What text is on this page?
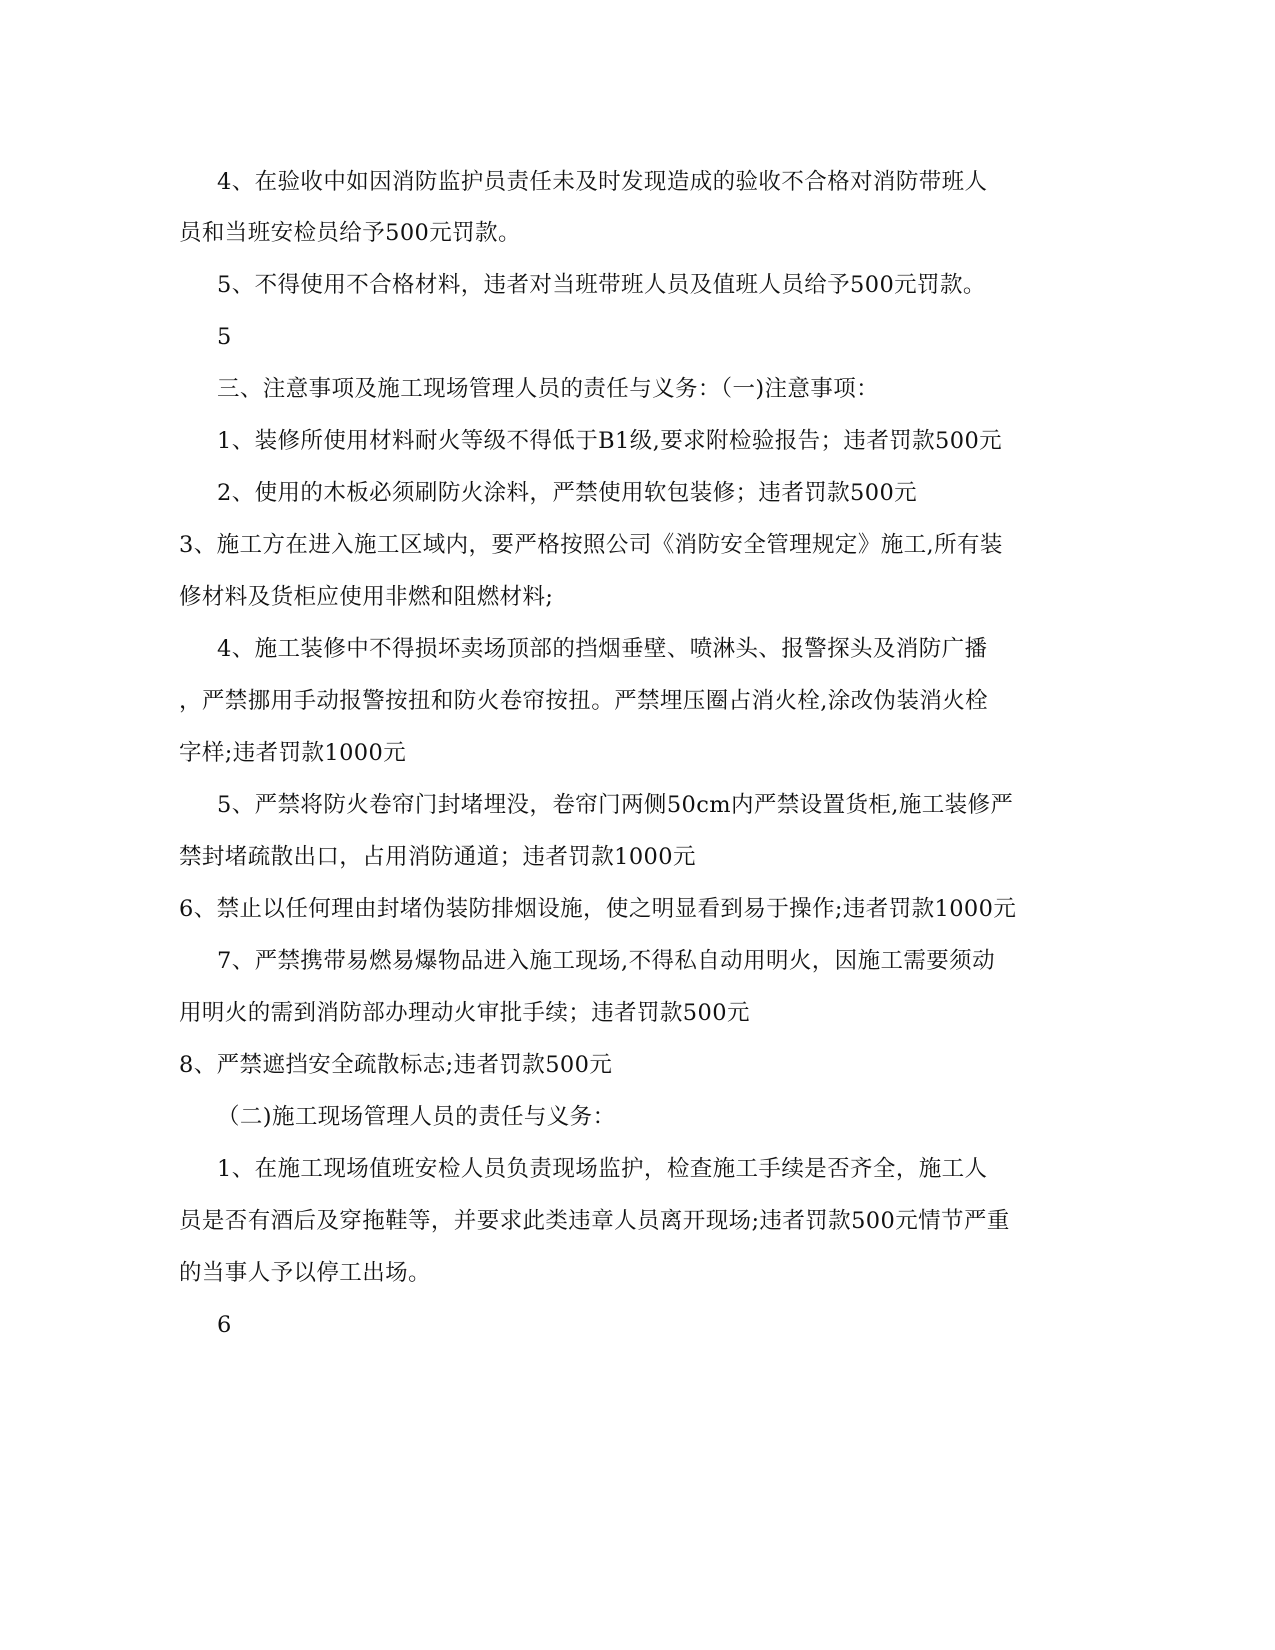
4、在验收中如因消防监护员责任未及时发现造成的验收不合格对消防带班人
员和当班安检员给予500元罚款。
5、不得使用不合格材料，违者对当班带班人员及值班人员给予500元罚款。
5
三、注意事项及施工现场管理人员的责任与义务：（一)注意事项：
1、装修所使用材料耐火等级不得低于B1级,要求附检验报告；违者罚款500元
2、使用的木板必须刷防火涂料，严禁使用软包装修；违者罚款500元
3、施工方在进入施工区域内，要严格按照公司《消防安全管理规定》施工,所有装
修材料及货柜应使用非燃和阻燃材料;
4、施工装修中不得损坏卖场顶部的挡烟垂壁、喷淋头、报警探头及消防广播
，严禁挪用手动报警按扭和防火卷帘按扭。严禁埋压圈占消火栓,涂改伪装消火栓
字样;违者罚款1000元
5、严禁将防火卷帘门封堵埋没，卷帘门两侧50cm内严禁设置货柜,施工装修严
禁封堵疏散出口，占用消防通道；违者罚款1000元
6、禁止以任何理由封堵伪装防排烟设施，使之明显看到易于操作;违者罚款1000元
7、严禁携带易燃易爆物品进入施工现场,不得私自动用明火，因施工需要须动
用明火的需到消防部办理动火审批手续；违者罚款500元
8、严禁遮挡安全疏散标志;违者罚款500元
（二)施工现场管理人员的责任与义务：
1、在施工现场值班安检人员负责现场监护，检查施工手续是否齐全，施工人
员是否有酒后及穿拖鞋等，并要求此类违章人员离开现场;违者罚款500元情节严重
的当事人予以停工出场。
6
